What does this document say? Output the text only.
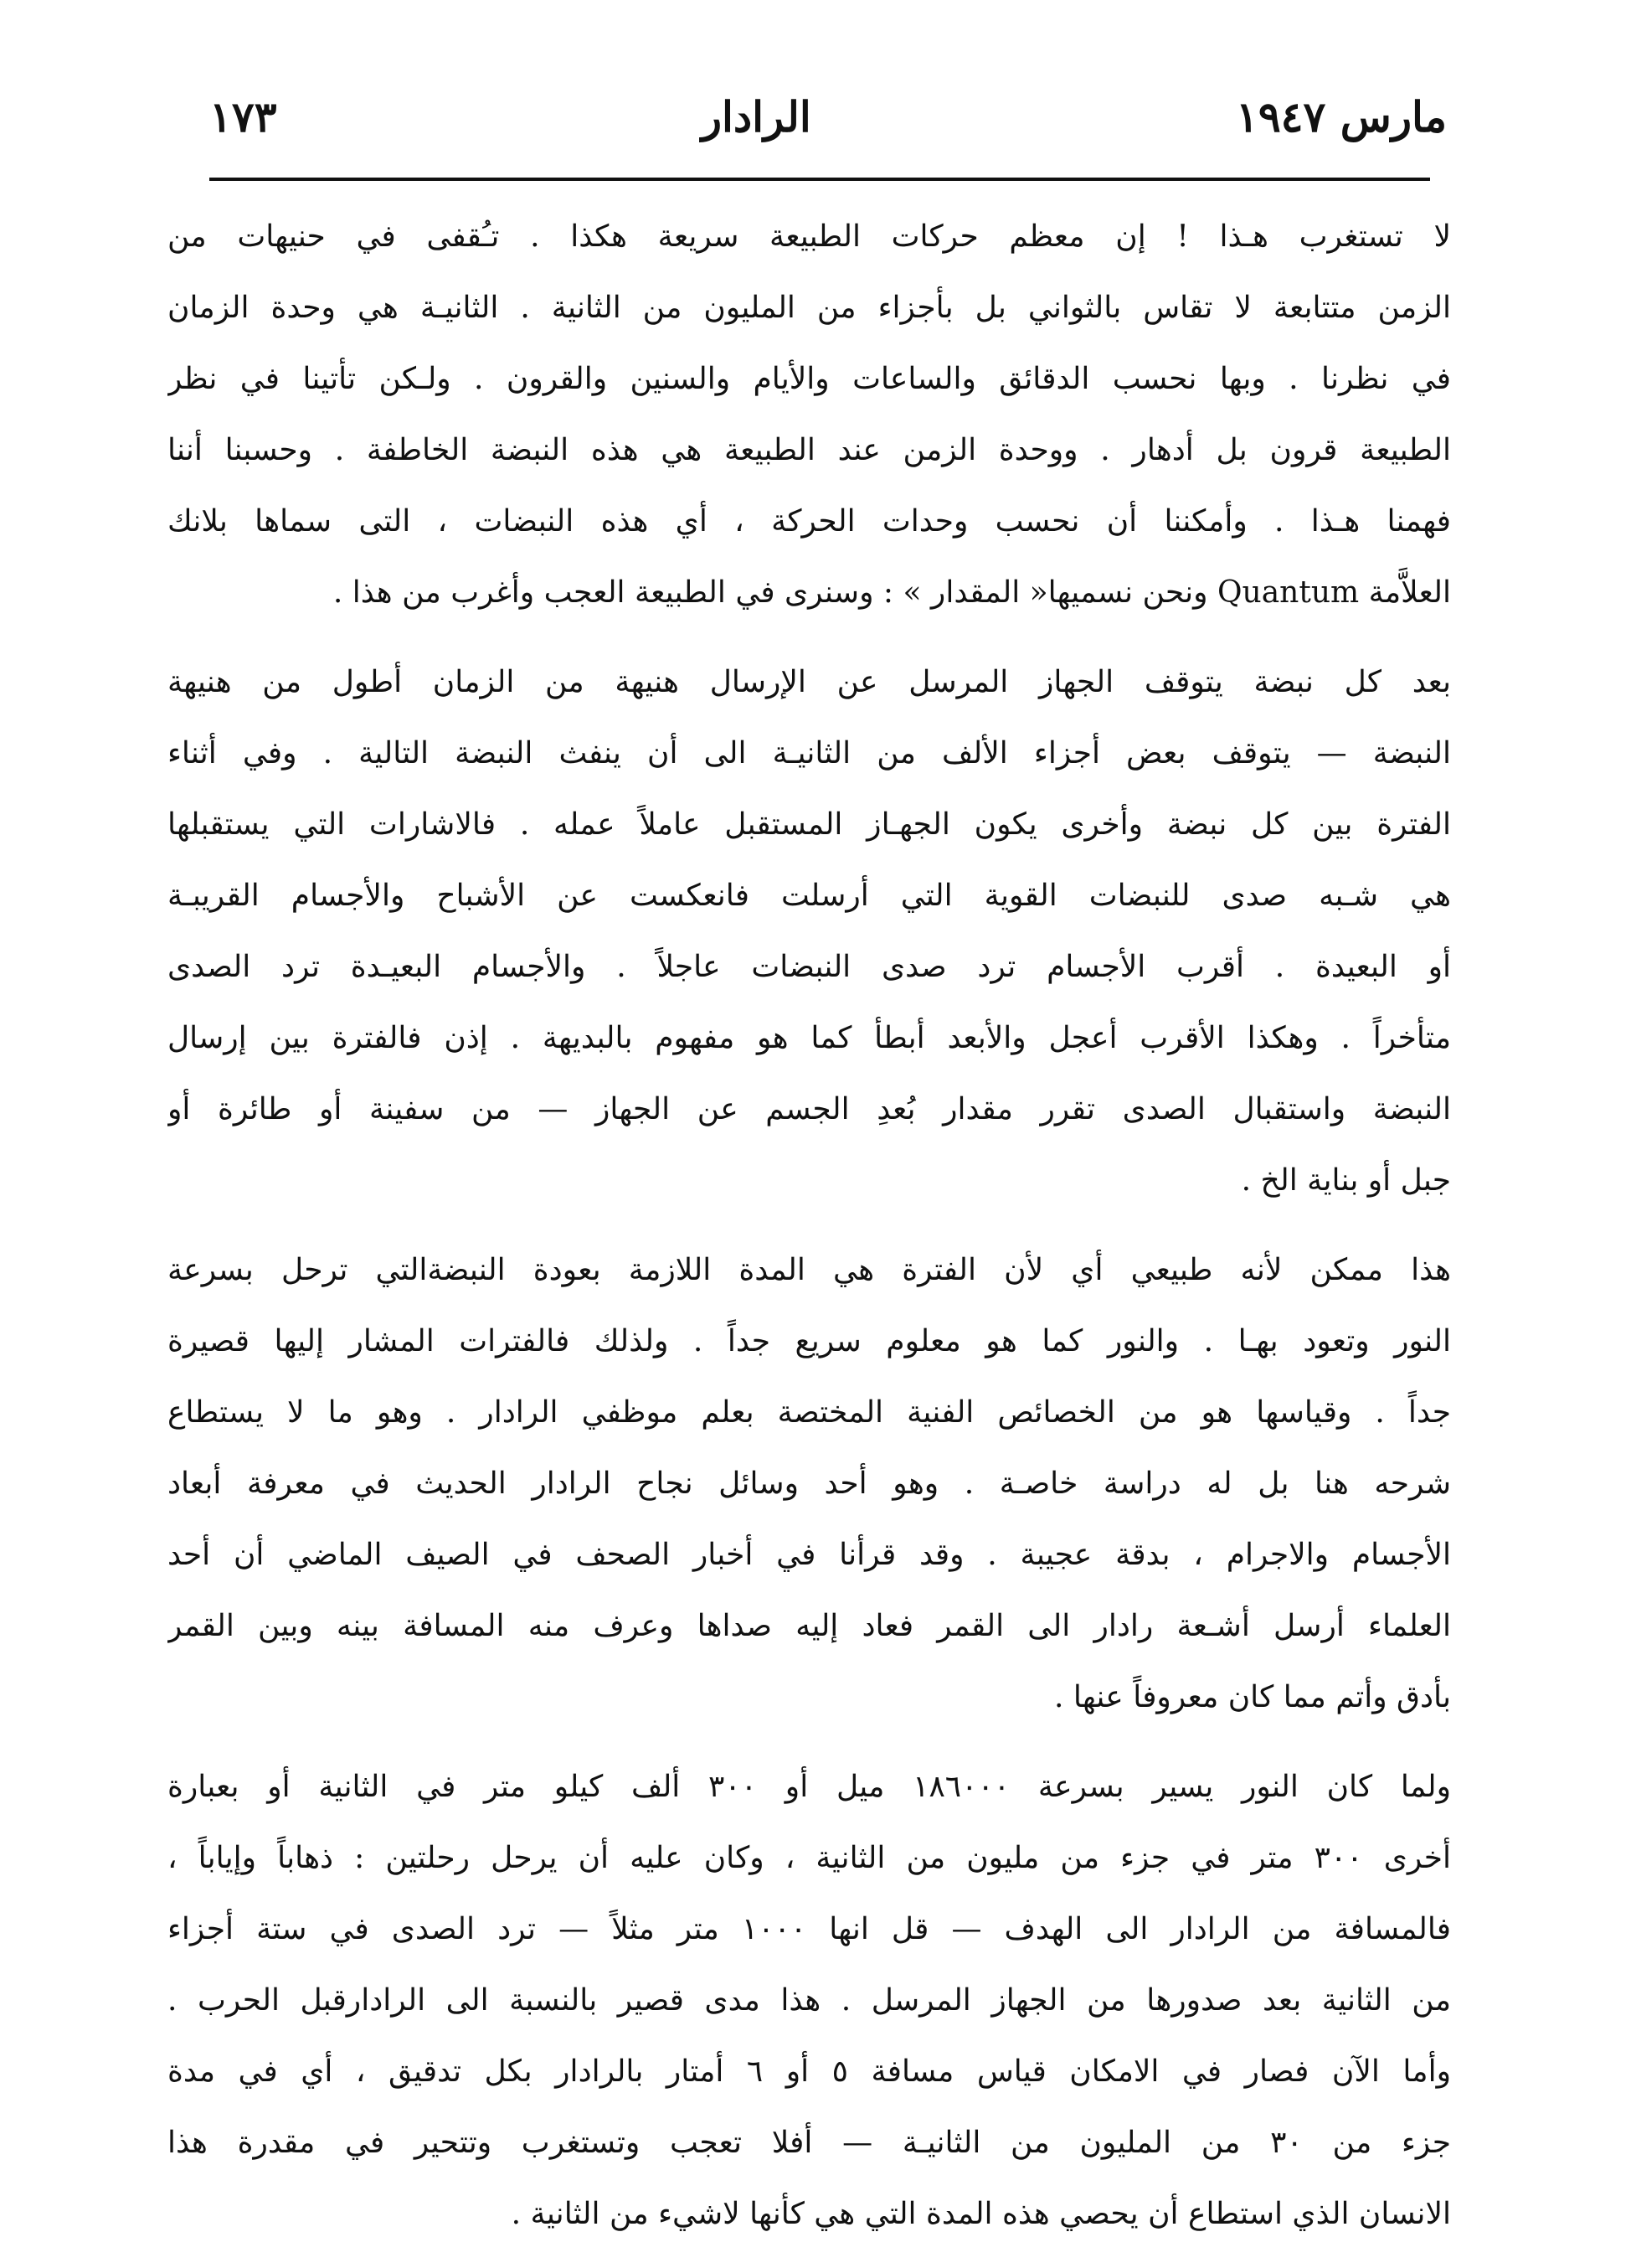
مارس ١٩٤٧
الرادار
١٧٣
لا تستغرب هـذا ! إن معظم حركات الطبيعة سريعة هكذا . تـُقفى في حنيهات من
الزمن متتابعة لا تقاس بالثواني بل بأجزاء من المليون من الثانية . الثانيـة هي وحدة الزمان
في نظرنا . وبها نحسب الدقائق والساعات والأيام والسنين والقرون . ولـكن تأتينا في نظر
الطبيعة قرون بل أدهار . ووحدة الزمن عند الطبيعة هي هذه النبضة الخاطفة . وحسبنا أننا
فهمنا هـذا . وأمكننا أن نحسب وحدات الحركة ، أي هذه النبضات ، التى سماها بلانك
العلاَّمة Quantum ونحن نسميها« المقدار » : وسنرى في الطبيعة العجب وأغرب من هذا .
بعد كل نبضة يتوقف الجهاز المرسل عن الإرسال هنيهة من الزمان أطول من هنيهة
النبضة — يتوقف بعض أجزاء الألف من الثانيـة الى أن ينفث النبضة التالية . وفي أثناء
الفترة بين كل نبضة وأخرى يكون الجهـاز المستقبل عاملاً عمله . فالاشارات التي يستقبلها
هي شـبه صدى للنبضات القوية التي أرسلت فانعكست عن الأشباح والأجسام القريبـة
أو البعيدة . أقرب الأجسام ترد صدى النبضات عاجلاً . والأجسام البعيـدة ترد الصدى
متأخراً . وهكذا الأقرب أعجل والأبعد أبطأ كما هو مفهوم بالبديهة . إذن فالفترة بين إرسال
النبضة واستقبال الصدى تقرر مقدار بُعدِ الجسم عن الجهاز — من سفينة أو طائرة أو
جبل أو بناية الخ .
هذا ممكن لأنه طبيعي أي لأن الفترة هي المدة اللازمة بعودة النبضةالتي ترحل بسرعة
النور وتعود بهـا . والنور كما هو معلوم سريع جداً . ولذلك فالفترات المشار إليها قصيرة
جداً . وقياسها هو من الخصائص الفنية المختصة بعلم موظفي الرادار . وهو ما لا يستطاع
شرحه هنا بل له دراسة خاصـة . وهو أحد وسائل نجاح الرادار الحديث في معرفة أبعاد
الأجسام والاجرام ، بدقة عجيبة . وقد قرأنا في أخبار الصحف في الصيف الماضي أن أحد
العلماء أرسل أشـعة رادار الى القمر فعاد إليه صداها وعرف منه المسافة بينه وبين القمر
بأدق وأتم مما كان معروفاً عنها .
ولما كان النور يسير بسرعة ١٨٦٠٠٠ ميل أو ٣٠٠ ألف كيلو متر في الثانية أو بعبارة
أخرى ٣٠٠ متر في جزء من مليون من الثانية ، وكان عليه أن يرحل رحلتين : ذهاباً وإياباً ،
فالمسافة من الرادار الى الهدف — قل انها ١٠٠٠ متر مثلاً — ترد الصدى في ستة أجزاء
من الثانية بعد صدورها من الجهاز المرسل . هذا مدى قصير بالنسبة الى الرادارقبل الحرب .
وأما الآن فصار في الامكان قياس مسافة ٥ أو ٦ أمتار بالرادار بكل تدقيق ، أي في مدة
جزء من ٣٠ من المليون من الثانيـة — أفلا تعجب وتستغرب وتتحير في مقدرة هذا
الانسان الذي استطاع أن يحصي هذه المدة التي هي كأنها لاشيء من الثانية .
